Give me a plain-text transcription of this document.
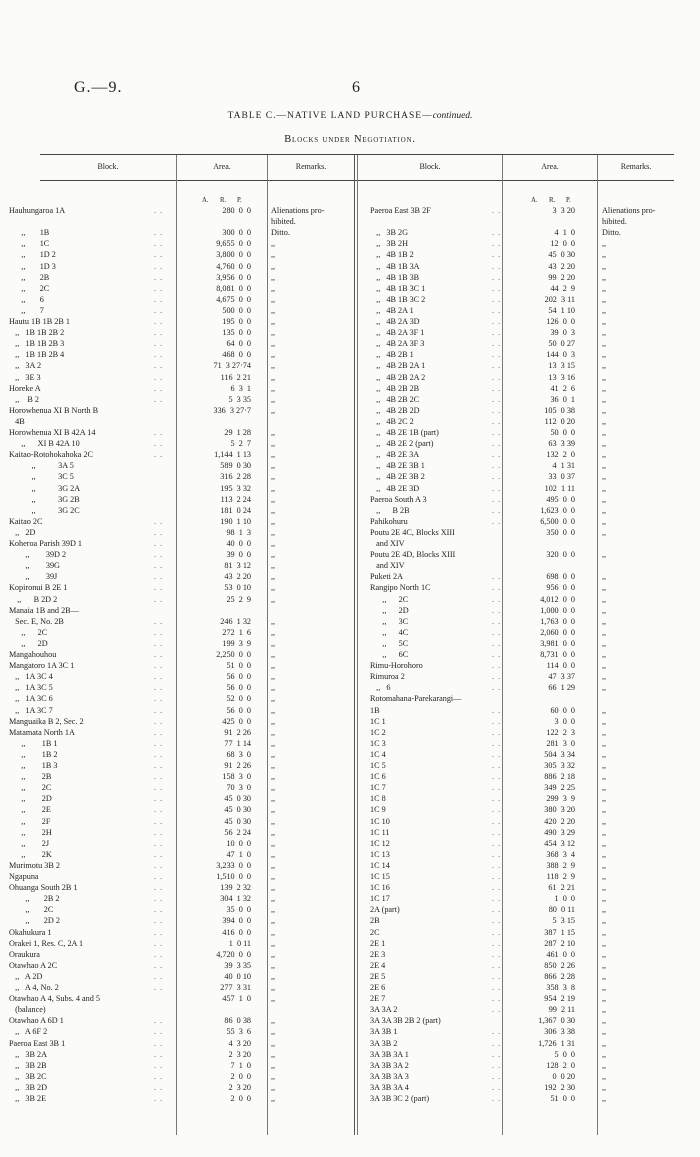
G.—9.	6
TABLE C.—NATIVE LAND PURCHASE—continued.
Blocks under Negotiation.
Block.	Area.	Remarks.	Block.	Area.	Remarks.
A. R. P.	A. R. P.
Hauhungaroa 1A	. .	280  0  0 Alienations pro-
hibited.
,,       1B	. .	300  0  0 Ditto.
,,       1C	. .	9,655  0  0 ,,
,,       1D 2	. .	3,800  0  0 ,,
,,       1D 3	. .	4,760  0  0 ,,
,,       2B	. .	3,956  0  0 ,,
,,       2C	. .	8,081  0  0 ,,
,,       6	. .	4,675  0  0 ,,
,,       7	. .	500  0  0 ,,
Hautu 1B 1B 2B 1	. .	195  0  0 ,,
,,   1B 1B 2B 2	. .	135  0  0 ,,
,,   1B 1B 2B 3	. .	64  0  0 ,,
,,   1B 1B 2B 4	. .	468  0  0 ,,
,,   3A 2	. .	71  3 27·74 ,,
,,   3E 3	. .	116  2 21 ,,
Horeke A	. .	6  3  1 ,,
,,    B 2	. .	5  3 35 ,,
Horowhenua XI B North B	336  3 27·7 ,,
4B
Horowhenua XI B 42A 14	. .	29  1 28 ,,
,,      XI B 42A 10	. .	5  2  7 ,,
Kaitao-Rotohokahoka 2C	. .	1,144  1 13 ,,
,,           3A 5	589  0 30 ,,
,,           3C 5	316  2 28 ,,
,,           3G 2A	195  3 32 ,,
,,           3G 2B	113  2 24 ,,
,,           3G 2C	181  0 24 ,,
Kaitao 2C	. .	190  1 10 ,,
,,   2D	. .	98  1  3 ,,
Koheroa Parish 39D 1	. .	40  0  0 ,,
,,        39D 2	. .	39  0  0 ,,
,,        39G	. .	81  3 12 ,,
,,        39J	. .	43  2 20 ,,
Kopironui B 2E 1	. .	53  0 10 ,,
,,      B 2D 2	. .	25  2  9 ,,
Manaia 1B and 2B—
Sec. E, No. 2B	. .	246  1 32 ,,
,,      2C	. .	272  1  6 ,,
,,      2D	. .	199  3  9 ,,
Mangahouhou	. .	2,250  0  0 ,,
Mangatoro 1A 3C 1	. .	51  0  0 ,,
,,   1A 3C 4	. .	56  0  0 ,,
,,   1A 3C 5	. .	56  0  0 ,,
,,   1A 3C 6	. .	52  0  0 ,,
,,   1A 3C 7	. .	56  0  0 ,,
Manguaika B 2, Sec. 2	. .	425  0  0 ,,
Matamata North 1A	. .	91  2 26 ,,
,,        1B 1	. .	77  1 14 ,,
,,        1B 2	. .	68  3  0 ,,
,,        1B 3	. .	91  2 26 ,,
,,        2B	. .	158  3  0 ,,
,,        2C	. .	70  3  0 ,,
,,        2D	. .	45  0 30 ,,
,,        2E	. .	45  0 30 ,,
,,        2F	. .	45  0 30 ,,
,,        2H	. .	56  2 24 ,,
,,        2J	. .	10  0  0 ,,
,,        2K	. .	47  1  0 ,,
Murimotu 3B 2	. .	3,233  0  0 ,,
Ngapuna	. .	1,510  0  0 ,,
Ohuanga South 2B 1	. .	139  2 32 ,,
,,       2B 2	. .	304  1 32 ,,
,,       2C	. .	35  0  0 ,,
,,       2D 2	. .	394  0  0 ,,
Okahukura 1	. .	416  0  0 ,,
Orakei 1, Res. C, 2A 1	. .	1  0 11 ,,
Oraukura	. .	4,720  0  0 ,,
Otawhao A 2C	. .	39  3 35 ,,
,,   A 2D	. .	40  0 10 ,,
,,   A 4, No. 2	. .	277  3 31 ,,
Otawhao A 4, Subs. 4 and 5	457  1  0 ,,
(balance)
Otawhao A 6D 1	. .	86  0 38 ,,
,,   A 6F 2	. .	55  3  6 ,,
Paeroa East 3B 1	. .	4  3 20 ,,
,,   3B 2A	. .	2  3 20 ,,
,,   3B 2B	. .	7  1  0 ,,
,,   3B 2C	. .	2  0  0 ,,
,,   3B 2D	. .	2  3 20 ,,
,,   3B 2E	. .	2  0  0 ,,
Paeroa East 3B 2F	. .	3  3 20	Alienations pro-
hibited.
,,   3B 2G	. .	4  1  0	Ditto.
,,   3B 2H	. .	12  0  0	,,
,,   4B 1B 2	. .	45  0 30	,,
,,   4B 1B 3A	. .	43  2 20	,,
,,   4B 1B 3B	. .	99  2 20	,,
,,   4B 1B 3C 1	. .	44  2  9	,,
,,   4B 1B 3C 2	. .	202  3 11	,,
,,   4B 2A 1	. .	54  1 10	,,
,,   4B 2A 3D	. .	126  0  0	,,
,,   4B 2A 3F 1	. .	39  0  3	,,
,,   4B 2A 3F 3	. .	50  0 27	,,
,,   4B 2B 1	. .	144  0  3	,,
,,   4B 2B 2A 1	. .	13  3 15	,,
,,   4B 2B 2A 2	. .	13  3 16	,,
,,   4B 2B 2B	. .	41  2  6	,,
,,   4B 2B 2C	. .	36  0  1	,,
,,   4B 2B 2D	. .	105  0 38	,,
,,   4B 2C 2	. .	112  0 20	,,
,,   4B 2E 1B (part)	. .	50  0  0	,,
,,   4B 2E 2 (part)	. .	63  3 39	,,
,,   4B 2E 3A	. .	132  2  0	,,
,,   4B 2E 3B 1	. .	4  1 31	,,
,,   4B 2E 3B 2	. .	33  0 37	,,
,,   4B 2E 3D	. .	102  1 11	,,
Paeroa South A 3	. .	495  0  0	,,
,,      B 2B	. .	1,623  0  0	,,
Pahikohuru	. .	6,500  0  0	,,
Poutu 2E 4C, Blocks XIII	350  0  0	,,
and XIV
Poutu 2E 4D, Blocks XIII	320  0  0	,,
and XIV
Puketi 2A	. .	698  0  0	,,
Rangipo North 1C	. .	956  0  0	,,
,,      2C	. .	4,012  0  0	,,
,,      2D	. .	1,000  0  0	,,
,,      3C	. .	1,763  0  0	,,
,,      4C	. .	2,060  0  0	,,
,,      5C	. .	3,981  0  0	,,
,,      6C	. .	8,731  0  0	,,
Rimu-Horohoro	. .	114  0  0	,,
Rimuroa 2	. .	47  3 37	,,
,,   6	. .	66  1 29	,,
Rotomahana-Parekarangi—
1B	. .	60  0  0	,,
1C 1	. .	3  0  0	,,
1C 2	. .	122  2  3	,,
1C 3	. .	281  3  0	,,
1C 4	. .	504  3 34	,,
1C 5	. .	305  3 32	,,
1C 6	. .	886  2 18	,,
1C 7	. .	349  2 25	,,
1C 8	. .	299  3  9	,,
1C 9	. .	380  3 20	,,
1C 10	. .	420  2 20	,,
1C 11	. .	490  3 29	,,
1C 12	. .	454  3 12	,,
1C 13	. .	368  3  4	,,
1C 14	. .	388  2  9	,,
1C 15	. .	118  2  9	,,
1C 16	. .	61  2 21	,,
1C 17	. .	1  0  0	,,
2A (part)	. .	80  0 11	,,
2B	. .	5  3 15	,,
2C	. .	387  1 15	,,
2E 1	. .	287  2 10	,,
2E 3	. .	461  0  0	,,
2E 4	. .	850  2 26	,,
2E 5	. .	866  2 28	,,
2E 6	. .	358  3  8	,,
2E 7	. .	954  2 19	,,
3A 3A 2	. .	99  2 11	,,
3A 3A 3B 2B 2 (part)	1,367  0 30	,,
3A 3B 1	. .	306  3 38	,,
3A 3B 2	. .	1,726  1 31	,,
3A 3B 3A 1	. .	5  0  0	,,
3A 3B 3A 2	. .	128  2  0	,,
3A 3B 3A 3	. .	0  0 20	,,
3A 3B 3A 4	. .	192  2 30	,,
3A 3B 3C 2 (part)	. .	51  0  0	,,
